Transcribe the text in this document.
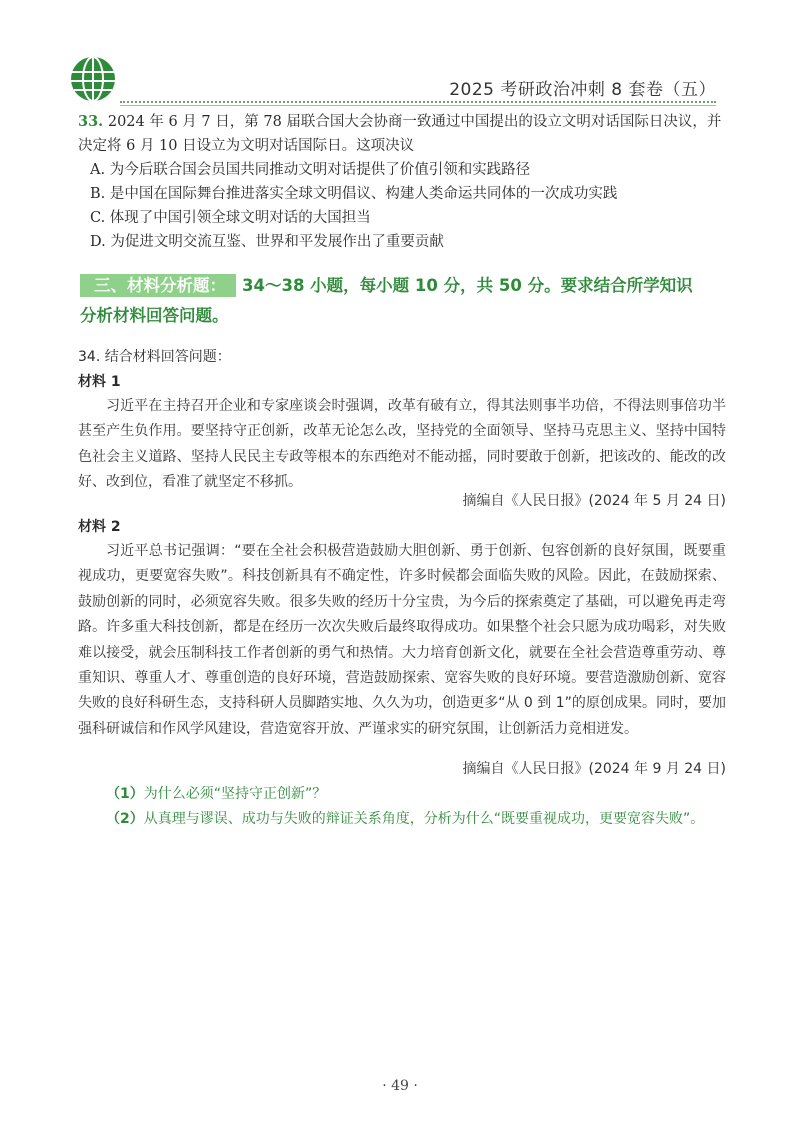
2025 考研政治冲刺 8 套卷（五）
33. 2024 年 6 月 7 日，第 78 届联合国大会协商一致通过中国提出的设立文明对话国际日决议，并决定将 6 月 10 日设立为文明对话国际日。这项决议
A. 为今后联合国会员国共同推动文明对话提供了价值引领和实践路径
B. 是中国在国际舞台推进落实全球文明倡议、构建人类命运共同体的一次成功实践
C. 体现了中国引领全球文明对话的大国担当
D. 为促进文明交流互鉴、世界和平发展作出了重要贡献
三、材料分析题： 34～38 小题，每小题 10 分，共 50 分。要求结合所学知识
分析材料回答问题。
34. 结合材料回答问题：
材料 1
习近平在主持召开企业和专家座谈会时强调，改革有破有立，得其法则事半功倍，不得法则事倍功半甚至产生负作用。要坚持守正创新，改革无论怎么改，坚持党的全面领导、坚持马克思主义、坚持中国特色社会主义道路、坚持人民民主专政等根本的东西绝对不能动摇，同时要敢于创新，把该改的、能改的改好、改到位，看准了就坚定不移抓。
摘编自《人民日报》(2024 年 5 月 24 日)
材料 2
习近平总书记强调：“要在全社会积极营造鼓励大胆创新、勇于创新、包容创新的良好氛围，既要重视成功，更要宽容失败”。科技创新具有不确定性，许多时候都会面临失败的风险。因此，在鼓励探索、鼓励创新的同时，必须宽容失败。很多失败的经历十分宝贵，为今后的探索奠定了基础，可以避免再走弯路。许多重大科技创新，都是在经历一次次失败后最终取得成功。如果整个社会只愿为成功喝彩，对失败难以接受，就会压制科技工作者创新的勇气和热情。大力培育创新文化，就要在全社会营造尊重劳动、尊重知识、尊重人才、尊重创造的良好环境，营造鼓励探索、宽容失败的良好环境。要营造激励创新、宽容失败的良好科研生态，支持科研人员脚踏实地、久久为功，创造更多“从 0 到 1”的原创成果。同时，要加强科研诚信和作风学风建设，营造宽容开放、严谨求实的研究氛围，让创新活力竞相迸发。
摘编自《人民日报》(2024 年 9 月 24 日)
（1）为什么必须“坚持守正创新”？
（2）从真理与谬误、成功与失败的辩证关系角度，分析为什么“既要重视成功，更要宽容失败”。
· 49 ·
